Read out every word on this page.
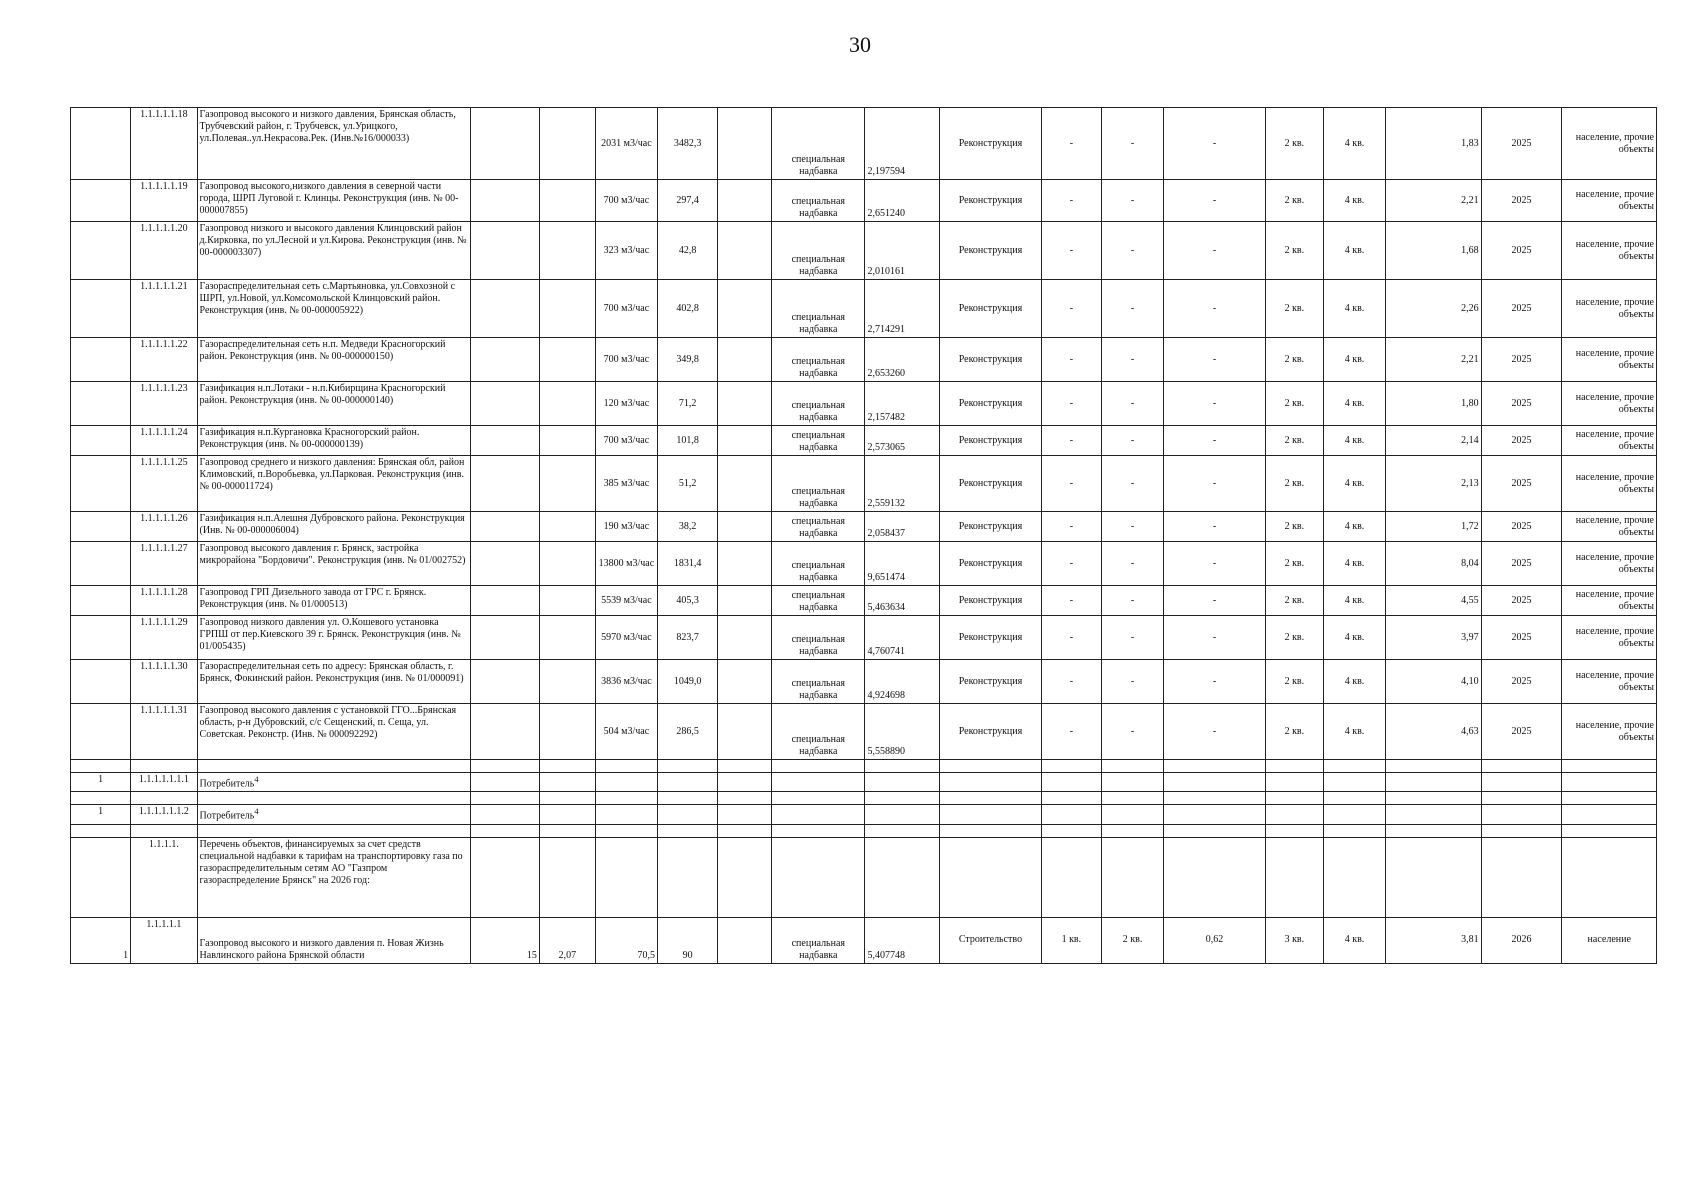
30
	1.1.1.1.1.18	Газопровод высокого и низкого давления, Брянская область, Трубчевский район, г. Трубчевск, ул.Урицкого, ул.Полевая..ул.Некрасова.Рек. (Инв.№16/000033)			2031 м3/час	3482,3		специальная надбавка	2,197594	Реконструкция	-	-	-	2 кв.	4 кв.	1,83	2025	население, прочие объекты
	1.1.1.1.1.19	Газопровод высокого,низкого давления в северной части города, ШРП Луговой г. Клинцы. Реконструкция (инв. № 00-000007855)			700 м3/час	297,4		специальная надбавка	2,651240	Реконструкция	-	-	-	2 кв.	4 кв.	2,21	2025	население, прочие объекты
	1.1.1.1.1.20	Газопровод низкого и высокого давления Клинцовский район д.Кирковка, по ул.Лесной и ул.Кирова. Реконструкция (инв. № 00-000003307)			323 м3/час	42,8		специальная надбавка	2,010161	Реконструкция	-	-	-	2 кв.	4 кв.	1,68	2025	население, прочие объекты
	1.1.1.1.1.21	Газораспределительная сеть с.Мартьяновка, ул.Совхозной с ШРП, ул.Новой, ул.Комсомольской Клинцовский район. Реконструкция (инв. № 00-000005922)			700 м3/час	402,8		специальная надбавка	2,714291	Реконструкция	-	-	-	2 кв.	4 кв.	2,26	2025	население, прочие объекты
	1.1.1.1.1.22	Газораспределительная сеть н.п. Медведи Красногорский район. Реконструкция (инв. № 00-000000150)			700 м3/час	349,8		специальная надбавка	2,653260	Реконструкция	-	-	-	2 кв.	4 кв.	2,21	2025	население, прочие объекты
	1.1.1.1.1.23	Газификация н.п.Лотаки - н.п.Кибирщина Красногорский район. Реконструкция (инв. № 00-000000140)			120 м3/час	71,2		специальная надбавка	2,157482	Реконструкция	-	-	-	2 кв.	4 кв.	1,80	2025	население, прочие объекты
	1.1.1.1.1.24	Газификация н.п.Кургановка Красногорский район. Реконструкция (инв. № 00-000000139)			700 м3/час	101,8		специальная надбавка	2,573065	Реконструкция	-	-	-	2 кв.	4 кв.	2,14	2025	население, прочие объекты
	1.1.1.1.1.25	Газопровод среднего и низкого давления: Брянская обл, район Климовский, п.Воробьевка, ул.Парковая. Реконструкция (инв. № 00-000011724)			385 м3/час	51,2		специальная надбавка	2,559132	Реконструкция	-	-	-	2 кв.	4 кв.	2,13	2025	население, прочие объекты
	1.1.1.1.1.26	Газификация н.п.Алешня Дубровского района. Реконструкция (Инв. № 00-000006004)			190 м3/час	38,2		специальная надбавка	2,058437	Реконструкция	-	-	-	2 кв.	4 кв.	1,72	2025	население, прочие объекты
	1.1.1.1.1.27	Газопровод высокого давления г. Брянск, застройка микрорайона "Бордовичи". Реконструкция (инв. № 01/002752)			13800 м3/час	1831,4		специальная надбавка	9,651474	Реконструкция	-	-	-	2 кв.	4 кв.	8,04	2025	население, прочие объекты
	1.1.1.1.1.28	Газопровод ГРП Дизельного завода от ГРС г. Брянск. Реконструкция (инв. № 01/000513)			5539 м3/час	405,3		специальная надбавка	5,463634	Реконструкция	-	-	-	2 кв.	4 кв.	4,55	2025	население, прочие объекты
	1.1.1.1.1.29	Газопровод низкого давления ул. О.Кошевого установка ГРПШ от пер.Киевского 39 г. Брянск. Реконструкция (инв. № 01/005435)			5970 м3/час	823,7		специальная надбавка	4,760741	Реконструкция	-	-	-	2 кв.	4 кв.	3,97	2025	население, прочие объекты
	1.1.1.1.1.30	Газораспределительная сеть по адресу: Брянская область, г. Брянск, Фокинский район. Реконструкция (инв. № 01/000091)			3836 м3/час	1049,0		специальная надбавка	4,924698	Реконструкция	-	-	-	2 кв.	4 кв.	4,10	2025	население, прочие объекты
	1.1.1.1.1.31	Газопровод высокого давления с установкой ГГО...Брянская область, р-н Дубровский, с/с Сещенский, п. Сеща, ул. Советская. Реконстр. (Инв. № 000092292)			504 м3/час	286,5		специальная надбавка	5,558890	Реконструкция	-	-	-	2 кв.	4 кв.	4,63	2025	население, прочие объекты

1	1.1.1.1.1.1.1	Потребитель$^4$																

1	1.1.1.1.1.1.2	Потребитель$^4$																

	1.1.1.1.	Перечень объектов, финансируемых за счет средств специальной надбавки к тарифам на транспортировку газа по газораспределительным сетям АО "Газпром газораспределение Брянск" на 2026 год:																
1	1.1.1.1.1	Газопровод высокого и низкого давления п. Новая Жизнь Навлинского района Брянской области	15	2,07	70,5	90		специальная надбавка	5,407748	Строительство	1 кв.	2 кв.	0,62	3 кв.	4 кв.	3,81	2026	население
